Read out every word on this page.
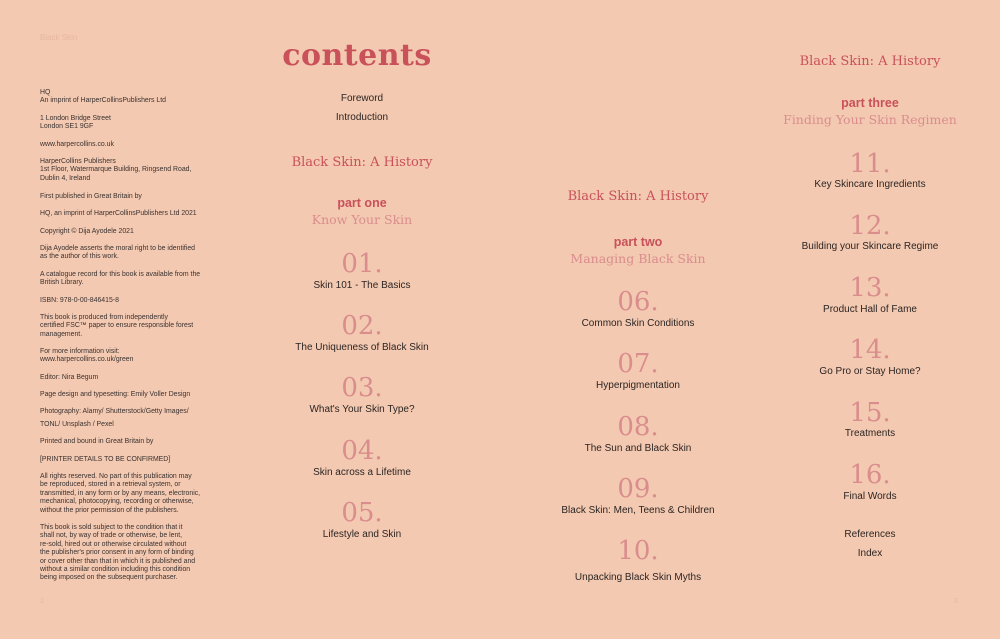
Black Skin
2	3
HQ
An imprint of HarperCollinsPublishers Ltd
1 London Bridge Street
London SE1 9GF
www.harpercollins.co.uk
HarperCollins Publishers
1st Floor, Watermarque Building, Ringsend Road,
Dublin 4, Ireland
First published in Great Britain by
HQ, an imprint of HarperCollinsPublishers Ltd 2021
Copyright © Dija Ayodele 2021
Dija Ayodele asserts the moral right to be identified
as the author of this work.
A catalogue record for this book is available from the
British Library.
ISBN: 978-0-00-846415-8
This book is produced from independently
certified FSC™ paper to ensure responsible forest
management.
For more information visit:
www.harpercollins.co.uk/green
Editor: Nira Begum
Page design and typesetting: Emily Voller Design
Photography: Alamy/ Shutterstock/Getty Images/
TONL/ Unsplash / Pexel
Printed and bound in Great Britain by
[PRINTER DETAILS TO BE CONFIRMED]
All rights reserved. No part of this publication may
be reproduced, stored in a retrieval system, or
transmitted, in any form or by any means, electronic,
mechanical, photocopying, recording or otherwise,
without the prior permission of the publishers.
This book is sold subject to the condition that it
shall not, by way of trade or otherwise, be lent,
re-sold, hired out or otherwise circulated without
the publisher's prior consent in any form of binding
or cover other than that in which it is published and
without a similar condition including this condition
being imposed on the subsequent purchaser.
contents
Foreword
Introduction
Black Skin: A History
part one
Know Your Skin
01.
Skin 101 - The Basics
02.
The Uniqueness of Black Skin
03.
What's Your Skin Type?
04.
Skin across a Lifetime
05.
Lifestyle and Skin
Black Skin: A History
part two
Managing Black Skin
06.
Common Skin Conditions
07.
Hyperpigmentation
08.
The Sun and Black Skin
09.
Black Skin: Men, Teens & Children
10.
Unpacking Black Skin Myths
Black Skin: A History
part three
Finding Your Skin Regimen
11.
Key Skincare Ingredients
12.
Building your Skincare Regime
13.
Product Hall of Fame
14.
Go Pro or Stay Home?
15.
Treatments
16.
Final Words
References
Index
